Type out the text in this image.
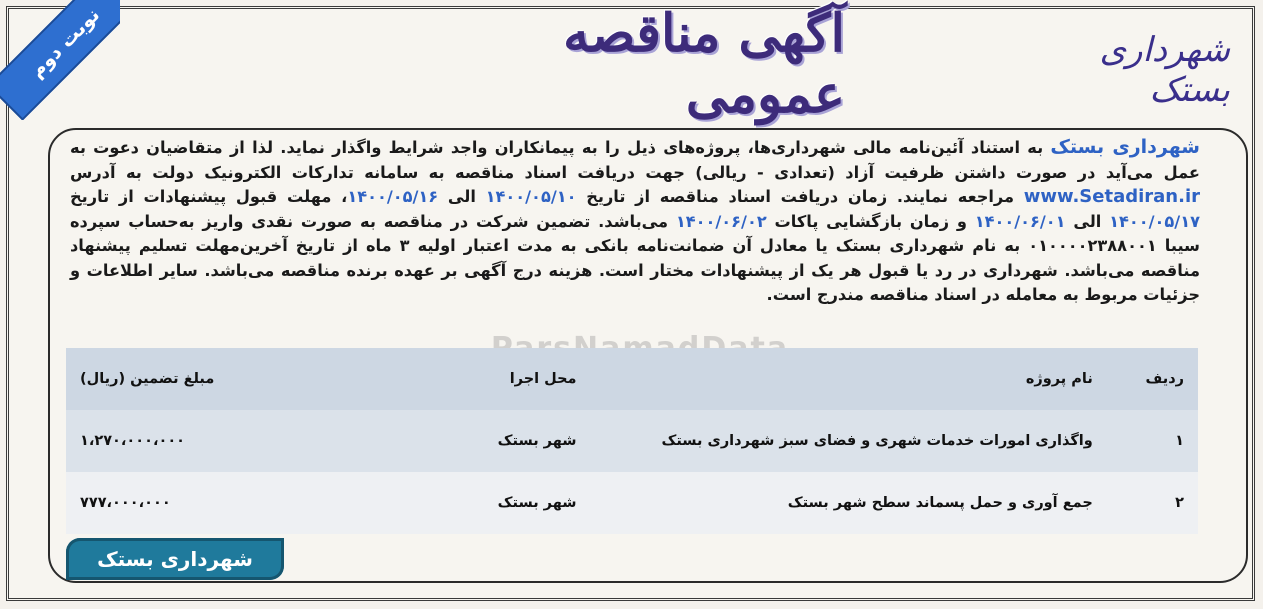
نوبت دوم	آگهی مناقصه عمومی
شهرداری بستک
شهرداری بستک به استناد آئین‌نامه مالی شهرداری‌ها، پروژه‌های ذیل را به پیمانکاران واجد شرایط واگذار نماید. لذا از متقاضیان دعوت به عمل می‌آید در صورت داشتن ظرفیت آزاد (تعدادی - ریالی) جهت دریافت اسناد مناقصه به سامانه تدارکات الکترونیک دولت به آدرس www.Setadiran.ir مراجعه نمایند. زمان دریافت اسناد مناقصه از تاریخ ۱۴۰۰/۰۵/۱۰ الی ۱۴۰۰/۰۵/۱۶، مهلت قبول پیشنهادات از تاریخ ۱۴۰۰/۰۵/۱۷ الی ۱۴۰۰/۰۶/۰۱ و زمان بازگشایی پاکات ۱۴۰۰/۰۶/۰۲ می‌باشد. تضمین شرکت در مناقصه به صورت نقدی واریز به‌حساب سپرده سیبا ۰۱۰۰۰۰۲۳۸۸۰۰۱ به نام شهرداری بستک یا معادل آن ضمانت‌نامه بانکی به مدت اعتبار اولیه ۳ ماه از تاریخ آخرین‌مهلت تسلیم پیشنهاد مناقصه می‌باشد. شهرداری در رد یا قبول هر یک از پیشنهادات مختار است. هزینه درج آگهی بر عهده برنده مناقصه می‌باشد. سایر اطلاعات و جزئیات مربوط به معامله در اسناد مناقصه مندرج است.
ردیف	نام پروژه	محل اجرا	مبلغ تضمین (ریال)
۱	واگذاری امورات خدمات شهری و فضای سبز شهرداری بستک	شهر بستک	۱،۲۷۰،۰۰۰،۰۰۰
۲	جمع آوری و حمل پسماند سطح شهر بستک	شهر بستک	۷۷۷،۰۰۰،۰۰۰
شهرداری بستک
